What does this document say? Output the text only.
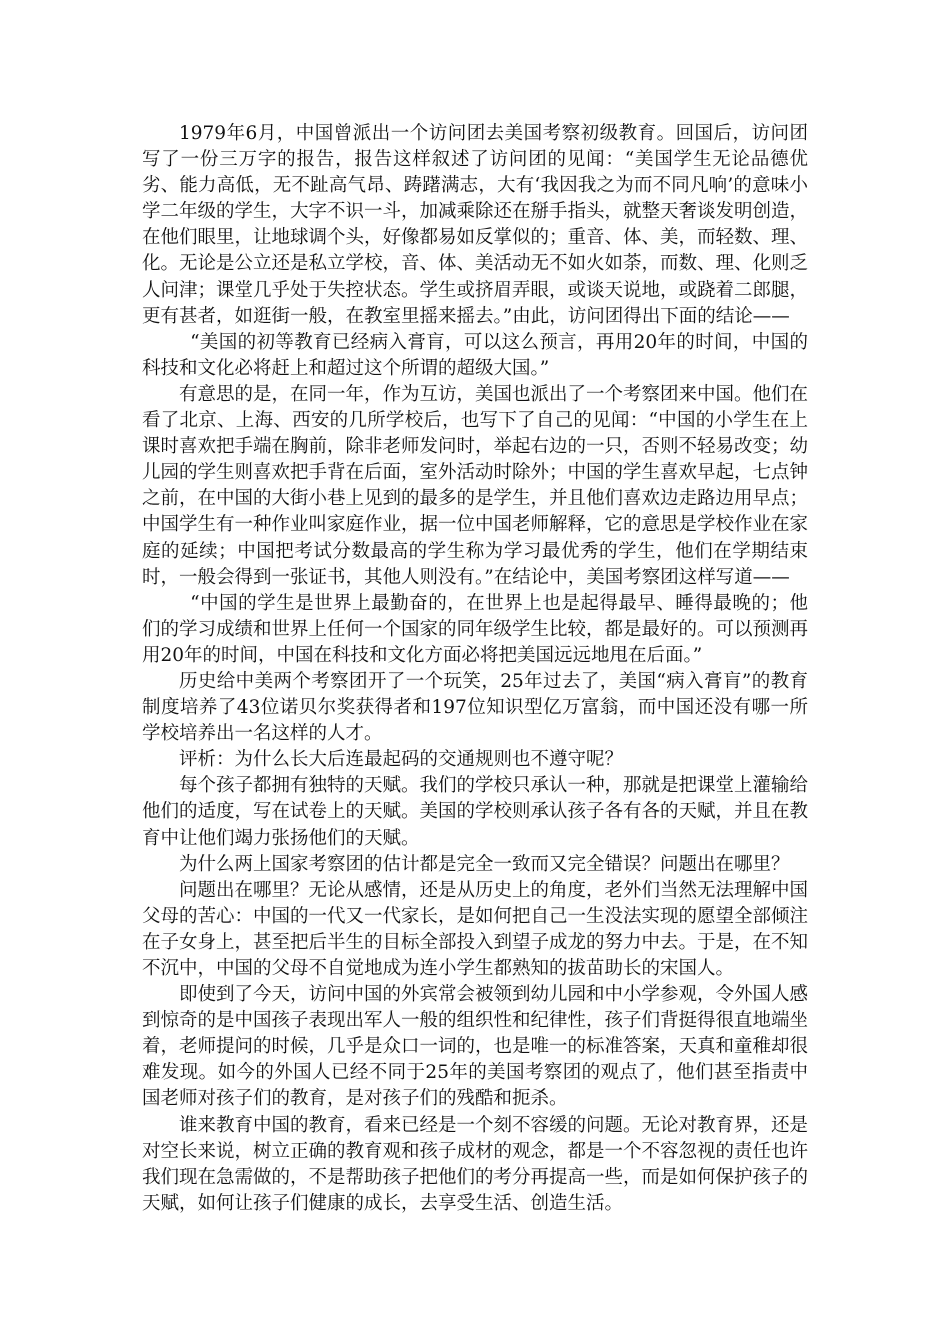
1979年6月，中国曾派出一个访问团去美国考察初级教育。回国后，访问团写了一份三万字的报告，报告这样叙述了访问团的见闻：“美国学生无论品德优劣、能力高低，无不趾高气昂、踌躇满志，大有‘我因我之为而不同凡响’的意味小学二年级的学生，大字不识一斗，加减乘除还在掰手指头，就整天奢谈发明创造，在他们眼里，让地球调个头，好像都易如反掌似的；重音、体、美，而轻数、理、化。无论是公立还是私立学校，音、体、美活动无不如火如荼，而数、理、化则乏人问津；课堂几乎处于失控状态。学生或挤眉弄眼，或谈天说地，或跷着二郎腿，更有甚者，如逛街一般，在教室里摇来摇去。”由此，访问团得出下面的结论——

“美国的初等教育已经病入膏肓，可以这么预言，再用20年的时间，中国的科技和文化必将赶上和超过这个所谓的超级大国。”

有意思的是，在同一年，作为互访，美国也派出了一个考察团来中国。他们在看了北京、上海、西安的几所学校后，也写下了自己的见闻：“中国的小学生在上课时喜欢把手端在胸前，除非老师发问时，举起右边的一只，否则不轻易改变；幼儿园的学生则喜欢把手背在后面，室外活动时除外；中国的学生喜欢早起，七点钟之前，在中国的大街小巷上见到的最多的是学生，并且他们喜欢边走路边用早点；中国学生有一种作业叫家庭作业，据一位中国老师解释，它的意思是学校作业在家庭的延续；中国把考试分数最高的学生称为学习最优秀的学生，他们在学期结束时，一般会得到一张证书，其他人则没有。”在结论中，美国考察团这样写道——

“中国的学生是世界上最勤奋的，在世界上也是起得最早、睡得最晚的；他们的学习成绩和世界上任何一个国家的同年级学生比较，都是最好的。可以预测再用20年的时间，中国在科技和文化方面必将把美国远远地甩在后面。”

历史给中美两个考察团开了一个玩笑，25年过去了，美国“病入膏肓”的教育制度培养了43位诺贝尔奖获得者和197位知识型亿万富翁，而中国还没有哪一所学校培养出一名这样的人才。

评析：为什么长大后连最起码的交通规则也不遵守呢？

每个孩子都拥有独特的天赋。我们的学校只承认一种，那就是把课堂上灌输给他们的适度，写在试卷上的天赋。美国的学校则承认孩子各有各的天赋，并且在教育中让他们竭力张扬他们的天赋。

为什么两上国家考察团的估计都是完全一致而又完全错误？问题出在哪里？

问题出在哪里？无论从感情，还是从历史上的角度，老外们当然无法理解中国父母的苦心：中国的一代又一代家长，是如何把自己一生没法实现的愿望全部倾注在子女身上，甚至把后半生的目标全部投入到望子成龙的努力中去。于是，在不知不沉中，中国的父母不自觉地成为连小学生都熟知的拔苗助长的宋国人。

即使到了今天，访问中国的外宾常会被领到幼儿园和中小学参观，令外国人感到惊奇的是中国孩子表现出军人一般的组织性和纪律性，孩子们背挺得很直地端坐着，老师提问的时候，几乎是众口一词的，也是唯一的标准答案，天真和童稚却很难发现。如今的外国人已经不同于25年的美国考察团的观点了，他们甚至指责中国老师对孩子们的教育，是对孩子们的残酷和扼杀。

谁来教育中国的教育，看来已经是一个刻不容缓的问题。无论对教育界，还是对空长来说，树立正确的教育观和孩子成材的观念，都是一个不容忽视的责任也许我们现在急需做的，不是帮助孩子把他们的考分再提高一些，而是如何保护孩子的天赋，如何让孩子们健康的成长，去享受生活、创造生活。
